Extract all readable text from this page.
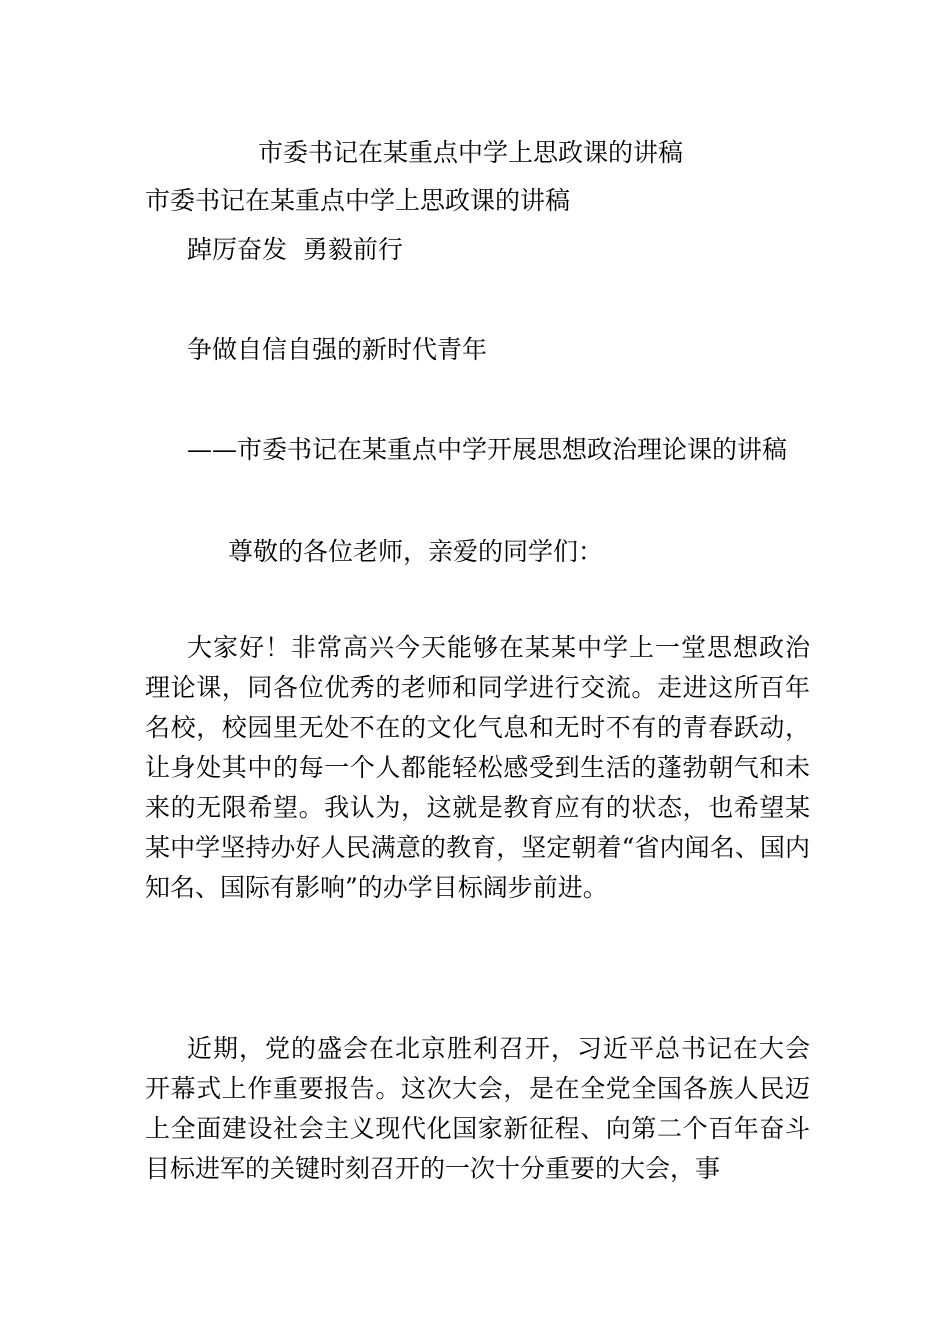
市委书记在某重点中学上思政课的讲稿
市委书记在某重点中学上思政课的讲稿
踔厉奋发  勇毅前行
争做自信自强的新时代青年
——市委书记在某重点中学开展思想政治理论课的讲稿
尊敬的各位老师，亲爱的同学们：
大家好！非常高兴今天能够在某某中学上一堂思想政治理论课，同各位优秀的老师和同学进行交流。走进这所百年名校，校园里无处不在的文化气息和无时不有的青春跃动，让身处其中的每一个人都能轻松感受到生活的蓬勃朝气和未来的无限希望。我认为，这就是教育应有的状态，也希望某某中学坚持办好人民满意的教育，坚定朝着“省内闻名、国内知名、国际有影响”的办学目标阔步前进。
近期，党的盛会在北京胜利召开，习近平总书记在大会开幕式上作重要报告。这次大会，是在全党全国各族人民迈上全面建设社会主义现代化国家新征程、向第二个百年奋斗目标进军的关键时刻召开的一次十分重要的大会，事
